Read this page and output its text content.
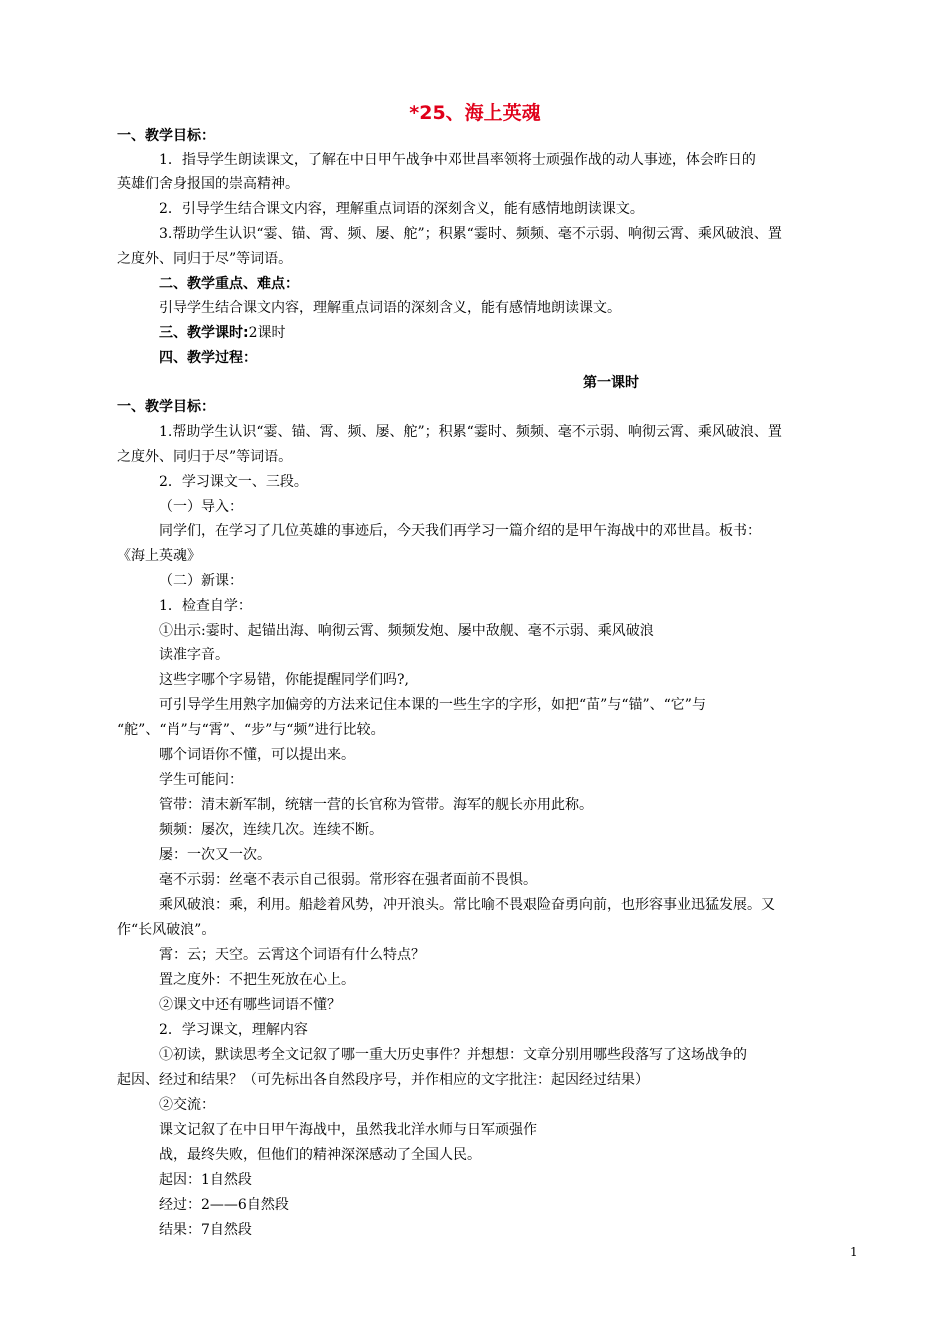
*25、海上英魂
一、教学目标：
1．指导学生朗读课文，了解在中日甲午战争中邓世昌率领将士顽强作战的动人事迹，体会昨日的
英雄们舍身报国的崇高精神。
2．引导学生结合课文内容，理解重点词语的深刻含义，能有感情地朗读课文。
3.帮助学生认识“霎、锚、霄、频、屡、舵”；积累“霎时、频频、毫不示弱、响彻云霄、乘风破浪、置
之度外、同归于尽”等词语。
二、教学重点、难点：
引导学生结合课文内容，理解重点词语的深刻含义，能有感情地朗读课文。
三、教学课时:2课时
四、教学过程：
第一课时
一、教学目标：
1.帮助学生认识“霎、锚、霄、频、屡、舵”；积累“霎时、频频、毫不示弱、响彻云霄、乘风破浪、置
之度外、同归于尽”等词语。
2．学习课文一、三段。
（一）导入：
同学们，在学习了几位英雄的事迹后，今天我们再学习一篇介绍的是甲午海战中的邓世昌。板书：
《海上英魂》
（二）新课：
1．检查自学：
①出示:霎时、起锚出海、响彻云霄、频频发炮、屡中敌舰、毫不示弱、乘风破浪
读准字音。
这些字哪个字易错，你能提醒同学们吗?,
可引导学生用熟字加偏旁的方法来记住本课的一些生字的字形，如把“苗”与“锚”、“它”与
“舵”、“肖”与“霄”、“步”与“频”进行比较。
哪个词语你不懂，可以提出来。
学生可能问：
管带：清末新军制，统辖一营的长官称为管带。海军的舰长亦用此称。
频频：屡次，连续几次。连续不断。
屡：一次又一次。
毫不示弱：丝毫不表示自己很弱。常形容在强者面前不畏惧。
乘风破浪：乘，利用。船趁着风势，冲开浪头。常比喻不畏艰险奋勇向前，也形容事业迅猛发展。又
作“长风破浪”。
霄：云；天空。云霄这个词语有什么特点？
置之度外：不把生死放在心上。
②课文中还有哪些词语不懂？
2．学习课文，理解内容
①初读，默读思考全文记叙了哪一重大历史事件？并想想：文章分别用哪些段落写了这场战争的
起因、经过和结果？（可先标出各自然段序号，并作相应的文字批注：起因经过结果）
②交流：
课文记叙了在中日甲午海战中，虽然我北洋水师与日军顽强作
战，最终失败，但他们的精神深深感动了全国人民。
起因：1自然段
经过：2——6自然段
结果：7自然段
1
